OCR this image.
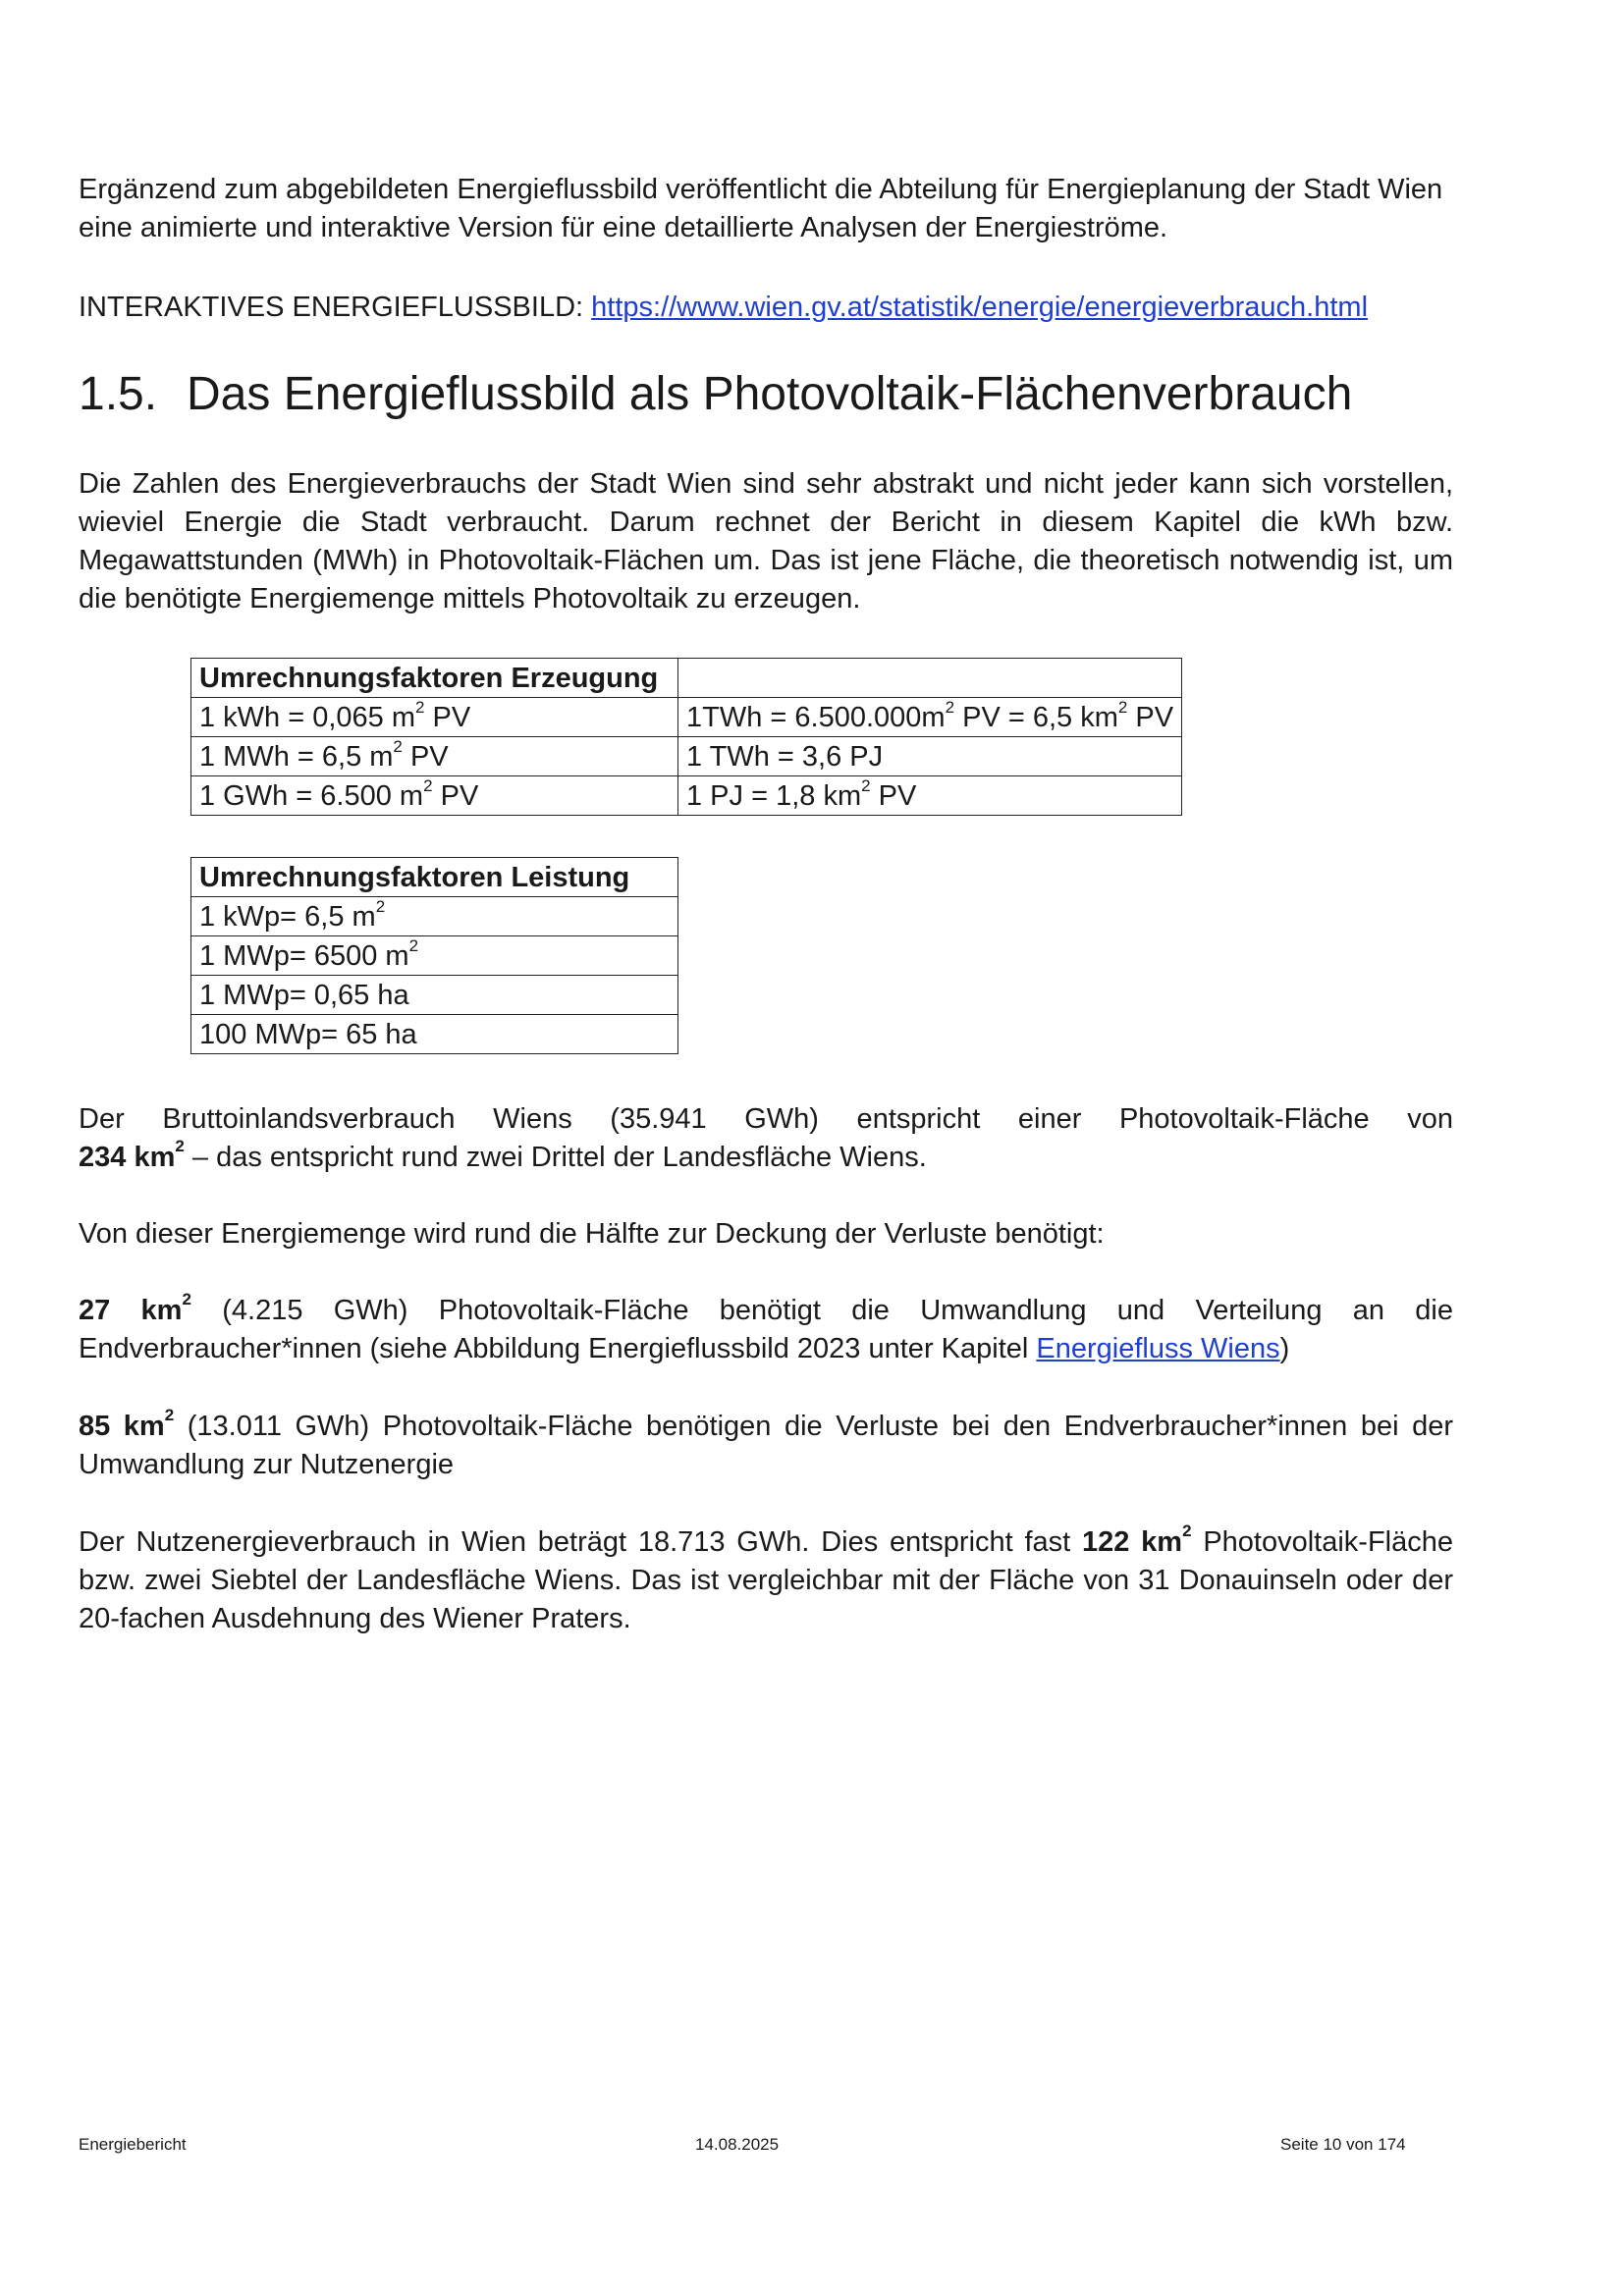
Ergänzend zum abgebildeten Energieflussbild veröffentlicht die Abteilung für Energieplanung der Stadt Wien
eine animierte und interaktive Version für eine detaillierte Analysen der Energieströme.

INTERAKTIVES ENERGIEFLUSSBILD: https://www.wien.gv.at/statistik/energie/energieverbrauch.html

1.5. Das Energieflussbild als Photovoltaik-Flächenverbrauch

Die Zahlen des Energieverbrauchs der Stadt Wien sind sehr abstrakt und nicht jeder kann sich vorstellen, wieviel Energie die Stadt verbraucht. Darum rechnet der Bericht in diesem Kapitel die kWh bzw. Megawattstunden (MWh) in Photovoltaik-Flächen um. Das ist jene Fläche, die theoretisch notwendig ist, um die benötigte Energiemenge mittels Photovoltaik zu erzeugen.

Umrechnungsfaktoren Erzeugung	
1 kWh = 0,065 $m^2$ PV	$1TWh = 6.500.000m^2$ PV = 6,5 $km^2$ PV
1 MWh = 6,5 $m^2$ PV	1 TWh = 3,6 PJ
1 GWh = 6.500 $m^2$ PV	1 PJ = 1,8 $km^2$ PV
Umrechnungsfaktoren Leistung
1 kWp= 6,5 $m^2$
1 MWp= 6500 $m^2$
1 MWp= 0,65 ha
100 MWp= 65 ha

Der Bruttoinlandsverbrauch Wiens (35.941 GWh) entspricht einer Photovoltaik-Fläche von

234 $km^2$ – das entspricht rund zwei Drittel der Landesfläche Wiens.

Von dieser Energiemenge wird rund die Hälfte zur Deckung der Verluste benötigt:

27 $km^2$ (4.215 GWh) Photovoltaik-Fläche benötigt die Umwandlung und Verteilung an die Endverbraucher*innen (siehe Abbildung Energieflussbild 2023 unter Kapitel Energiefluss Wiens)

85 $km^2$ (13.011 GWh) Photovoltaik-Fläche benötigen die Verluste bei den Endverbraucher*innen bei der Umwandlung zur Nutzenergie

Der Nutzenergieverbrauch in Wien beträgt 18.713 GWh. Dies entspricht fast 122 $km^2$ Photovoltaik-Fläche bzw. zwei Siebtel der Landesfläche Wiens. Das ist vergleichbar mit der Fläche von 31 Donauinseln oder der 20-fachen Ausdehnung des Wiener Praters.

Energiebericht	14.08.2025	Seite 10 von 174
